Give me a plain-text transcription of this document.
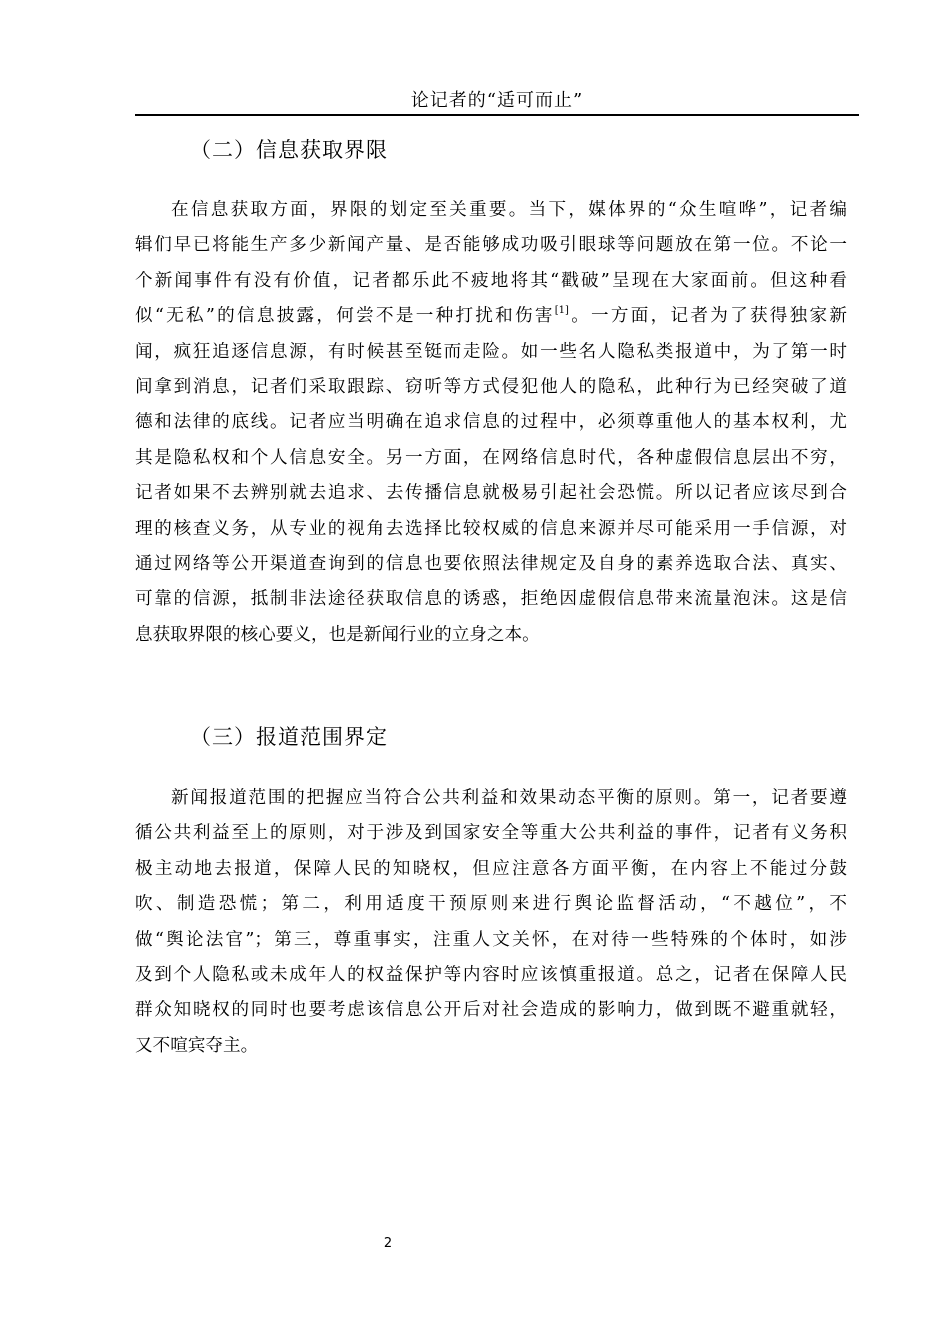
论记者的“适可而止”
（二）信息获取界限
在信息获取方面，界限的划定至关重要。当下，媒体界的“众生喧哗”，记者编
辑们早已将能生产多少新闻产量、是否能够成功吸引眼球等问题放在第一位。不论一
个新闻事件有没有价值，记者都乐此不疲地将其“戳破”呈现在大家面前。但这种看
似“无私”的信息披露，何尝不是一种打扰和伤害[1]。一方面，记者为了获得独家新
闻，疯狂追逐信息源，有时候甚至铤而走险。如一些名人隐私类报道中，为了第一时
间拿到消息，记者们采取跟踪、窃听等方式侵犯他人的隐私，此种行为已经突破了道
德和法律的底线。记者应当明确在追求信息的过程中，必须尊重他人的基本权利，尤
其是隐私权和个人信息安全。另一方面，在网络信息时代，各种虚假信息层出不穷，
记者如果不去辨别就去追求、去传播信息就极易引起社会恐慌。所以记者应该尽到合
理的核查义务，从专业的视角去选择比较权威的信息来源并尽可能采用一手信源，对
通过网络等公开渠道查询到的信息也要依照法律规定及自身的素养选取合法、真实、
可靠的信源，抵制非法途径获取信息的诱惑，拒绝因虚假信息带来流量泡沫。这是信
息获取界限的核心要义，也是新闻行业的立身之本。
（三）报道范围界定
新闻报道范围的把握应当符合公共利益和效果动态平衡的原则。第一，记者要遵
循公共利益至上的原则，对于涉及到国家安全等重大公共利益的事件，记者有义务积
极主动地去报道，保障人民的知晓权，但应注意各方面平衡，在内容上不能过分鼓
吹、制造恐慌；第二，利用适度干预原则来进行舆论监督活动，“不越位”，不
做“舆论法官”；第三，尊重事实，注重人文关怀，在对待一些特殊的个体时，如涉
及到个人隐私或未成年人的权益保护等内容时应该慎重报道。总之，记者在保障人民
群众知晓权的同时也要考虑该信息公开后对社会造成的影响力，做到既不避重就轻，
又不喧宾夺主。
2
